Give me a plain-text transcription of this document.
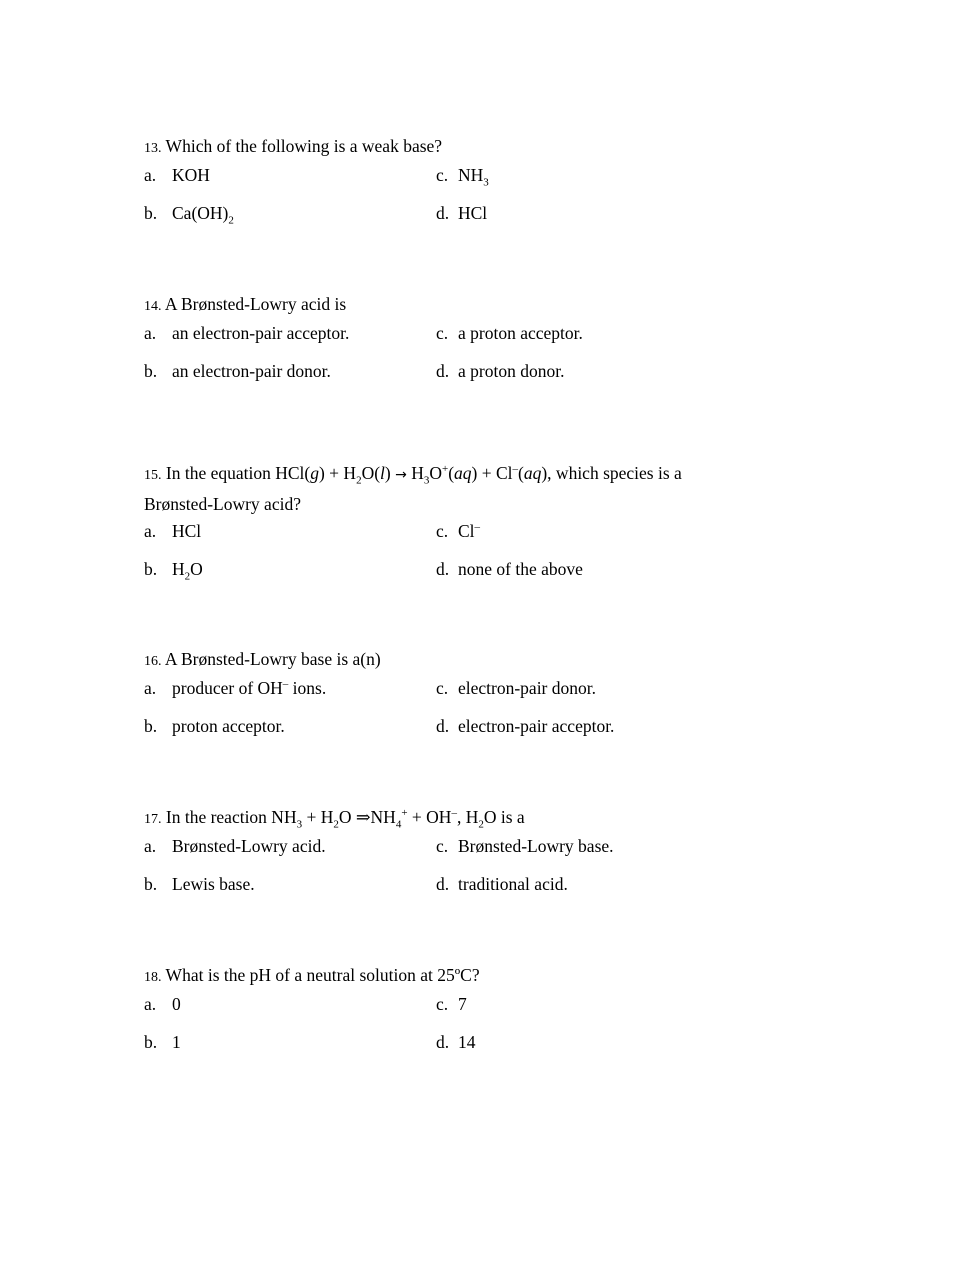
13. Which of the following is a weak base?

a. KOH	c. $NH_3$
b. $Ca(OH)_2$	d. HCl

14. A Brønsted-Lowry acid is

a. an electron-pair acceptor.	c. a proton acceptor.
b. an electron-pair donor.	d. a proton donor.

15. In the equation $HCl(g) + H_2O(l) \to H_3O^+(aq) + Cl^-(aq)$, which species is a
Brønsted-Lowry acid?

a. HCl	c. Cl–
b. $H_2O$	d. none of the above

16. A Brønsted-Lowry base is a(n)

a. producer of OH– ions.	c. electron-pair donor.
b. proton acceptor.	d. electron-pair acceptor.

17. In the reaction $NH_3 + H_2O$ $\Rightarrow NH_4^+ + OH^-$, $H_2O$ is a

a. Brønsted-Lowry acid.	c. Brønsted-Lowry base.
b. Lewis base.	d. traditional acid.

18. What is the pH of a neutral solution at 25ºC?

a. 0	c. 7
b. 1	d. 14
